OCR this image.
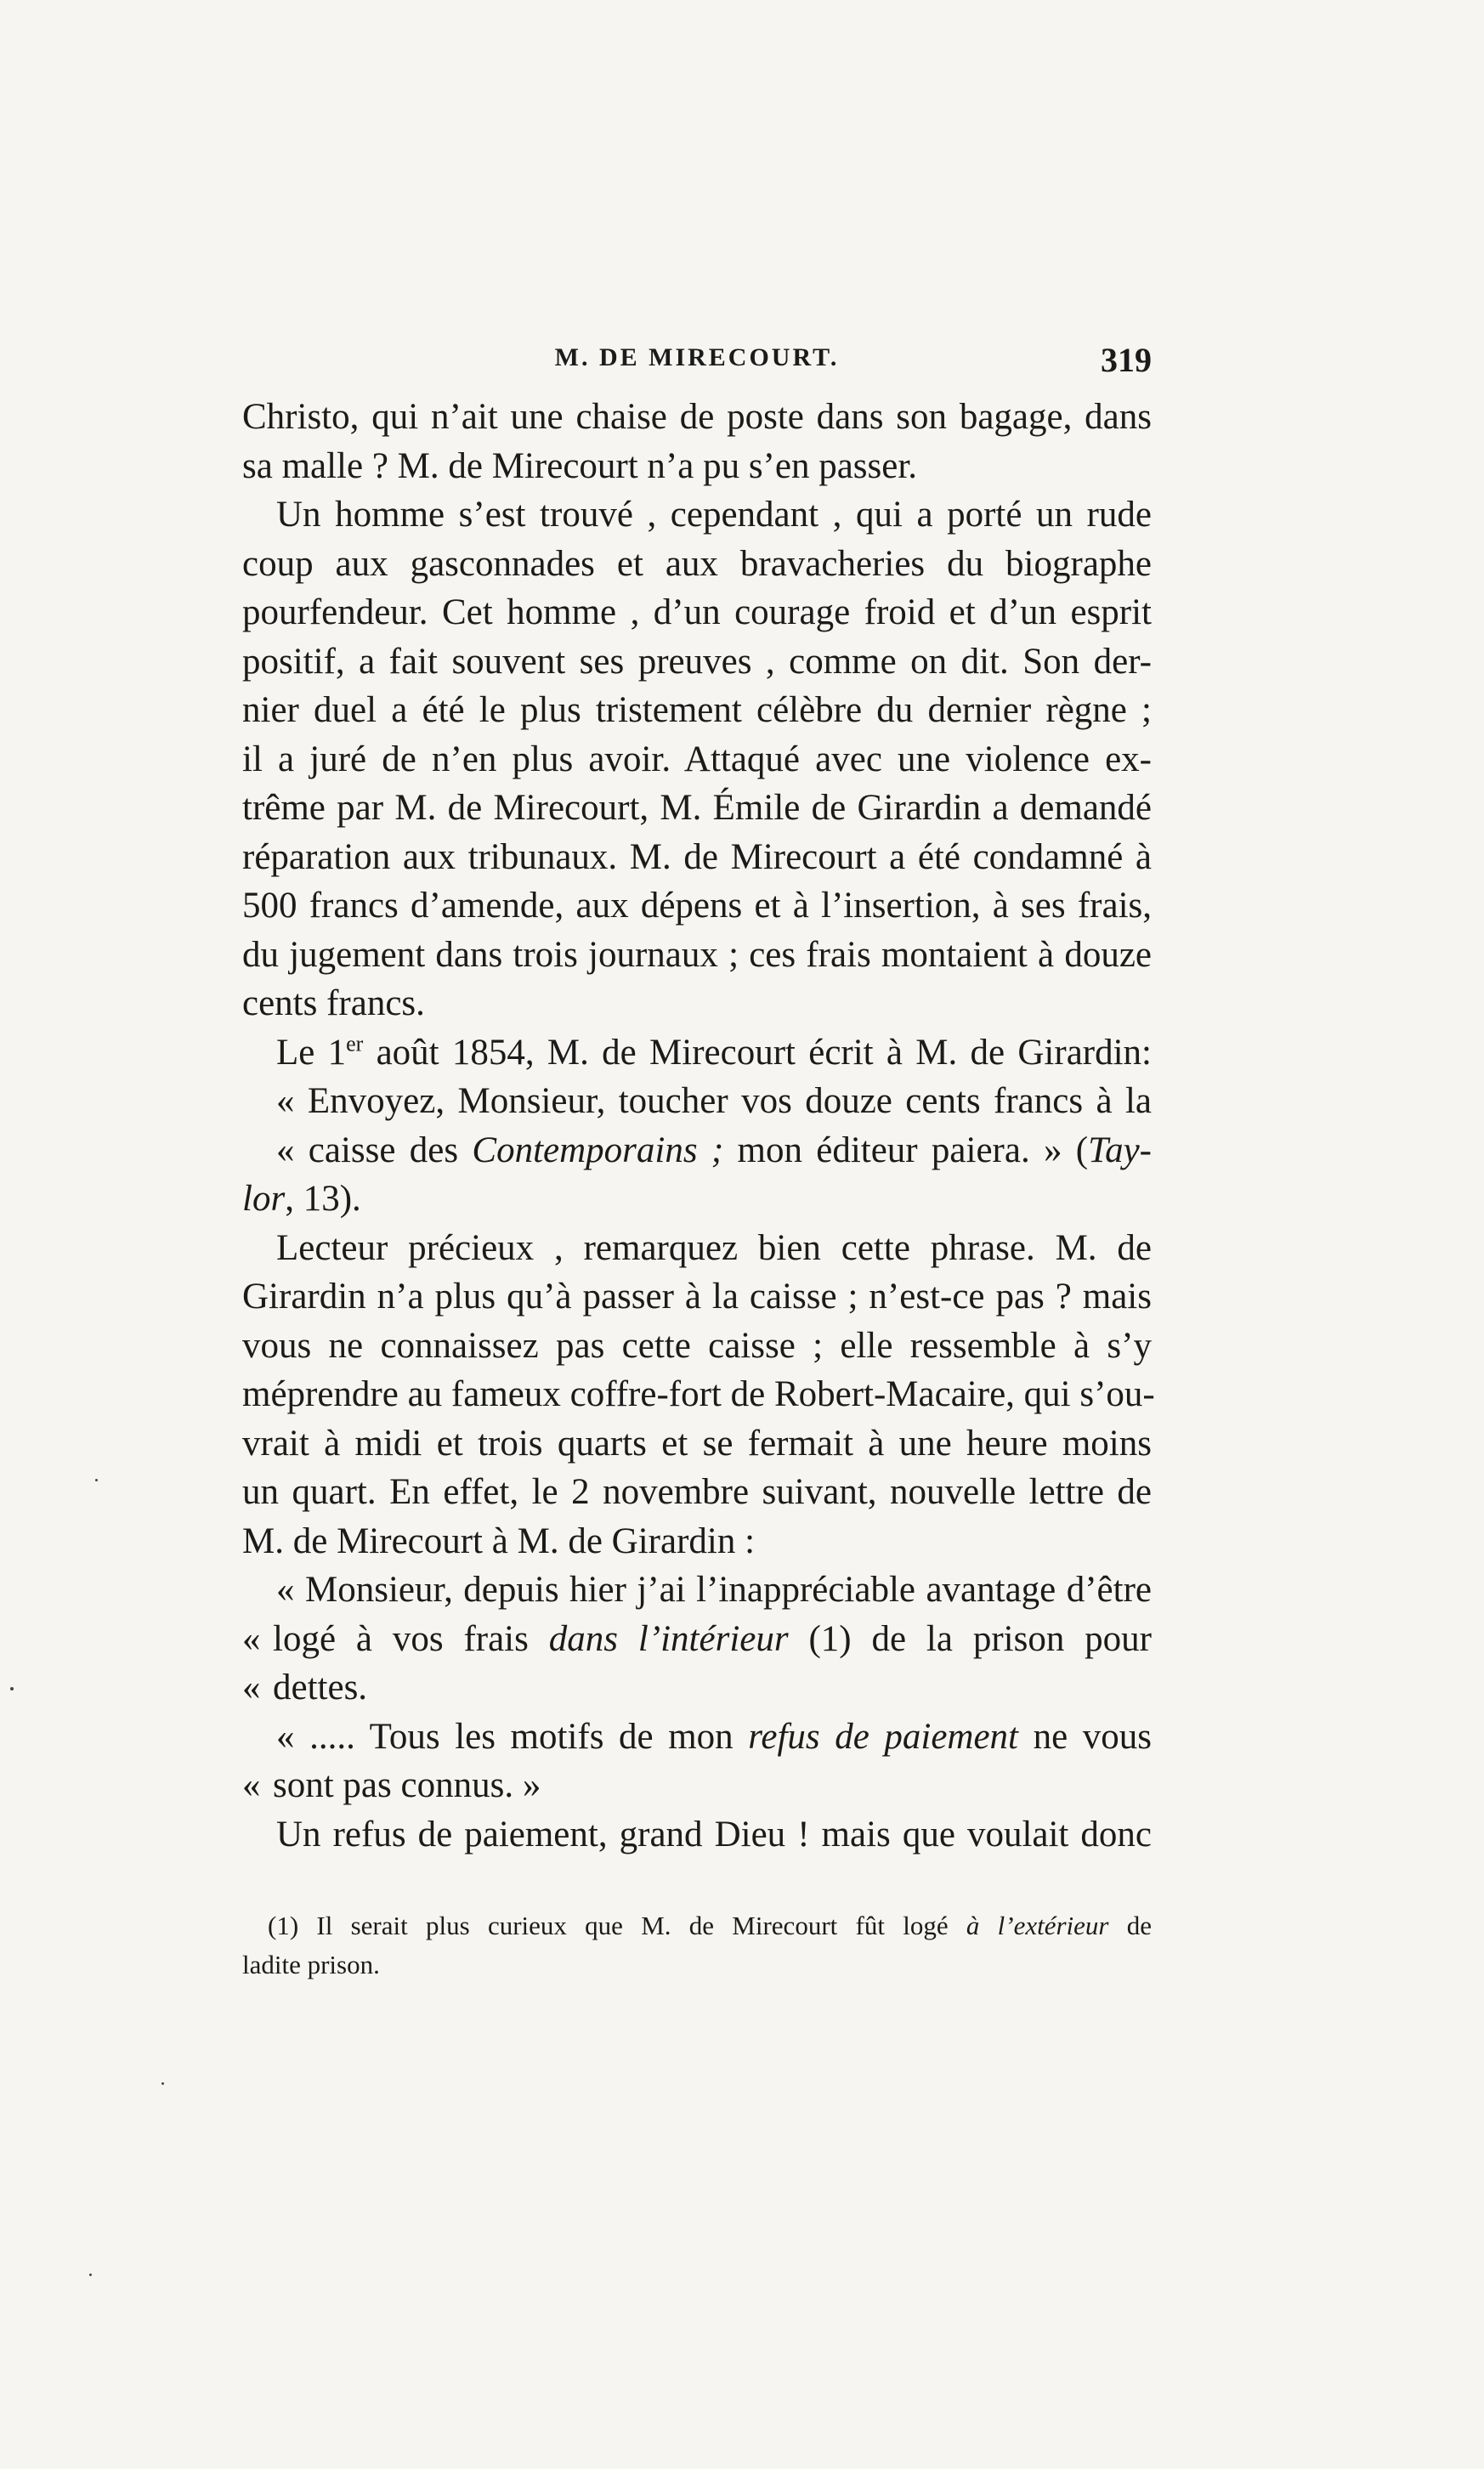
M. DE MIRECOURT.	319
Christo, qui n’ait une chaise de poste dans son bagage, dans
sa malle ? M. de Mirecourt n’a pu s’en passer.
Un homme s’est trouvé , cependant , qui a porté un rude
coup aux gasconnades et aux bravacheries du biographe
pourfendeur. Cet homme , d’un courage froid et d’un esprit
positif, a fait souvent ses preuves , comme on dit. Son der-
nier duel a été le plus tristement célèbre du dernier règne ;
il a juré de n’en plus avoir. Attaqué avec une violence ex-
trême par M. de Mirecourt, M. Émile de Girardin a demandé
réparation aux tribunaux. M. de Mirecourt a été condamné à
500 francs d’amende, aux dépens et à l’insertion, à ses frais,
du jugement dans trois journaux ; ces frais montaient à douze
cents francs.
Le 1er août 1854, M. de Mirecourt écrit à M. de Girardin:
« Envoyez, Monsieur, toucher vos douze cents francs à la
« caisse des Contemporains ; mon éditeur paiera. » (Tay-
lor, 13).
Lecteur précieux , remarquez bien cette phrase. M. de
Girardin n’a plus qu’à passer à la caisse ; n’est-ce pas ? mais
vous ne connaissez pas cette caisse ; elle ressemble à s’y
méprendre au fameux coffre-fort de Robert-Macaire, qui s’ou-
vrait à midi et trois quarts et se fermait à une heure moins
un quart. En effet, le 2 novembre suivant, nouvelle lettre de
M. de Mirecourt à M. de Girardin :
« Monsieur, depuis hier j’ai l’inappréciable avantage d’être
« logé à vos frais dans l’intérieur (1) de la prison pour
« dettes.
« ..... Tous les motifs de mon refus de paiement ne vous
« sont pas connus. »
Un refus de paiement, grand Dieu ! mais que voulait donc
(1) Il serait plus curieux que M. de Mirecourt fût logé à l’extérieur de
ladite prison.
